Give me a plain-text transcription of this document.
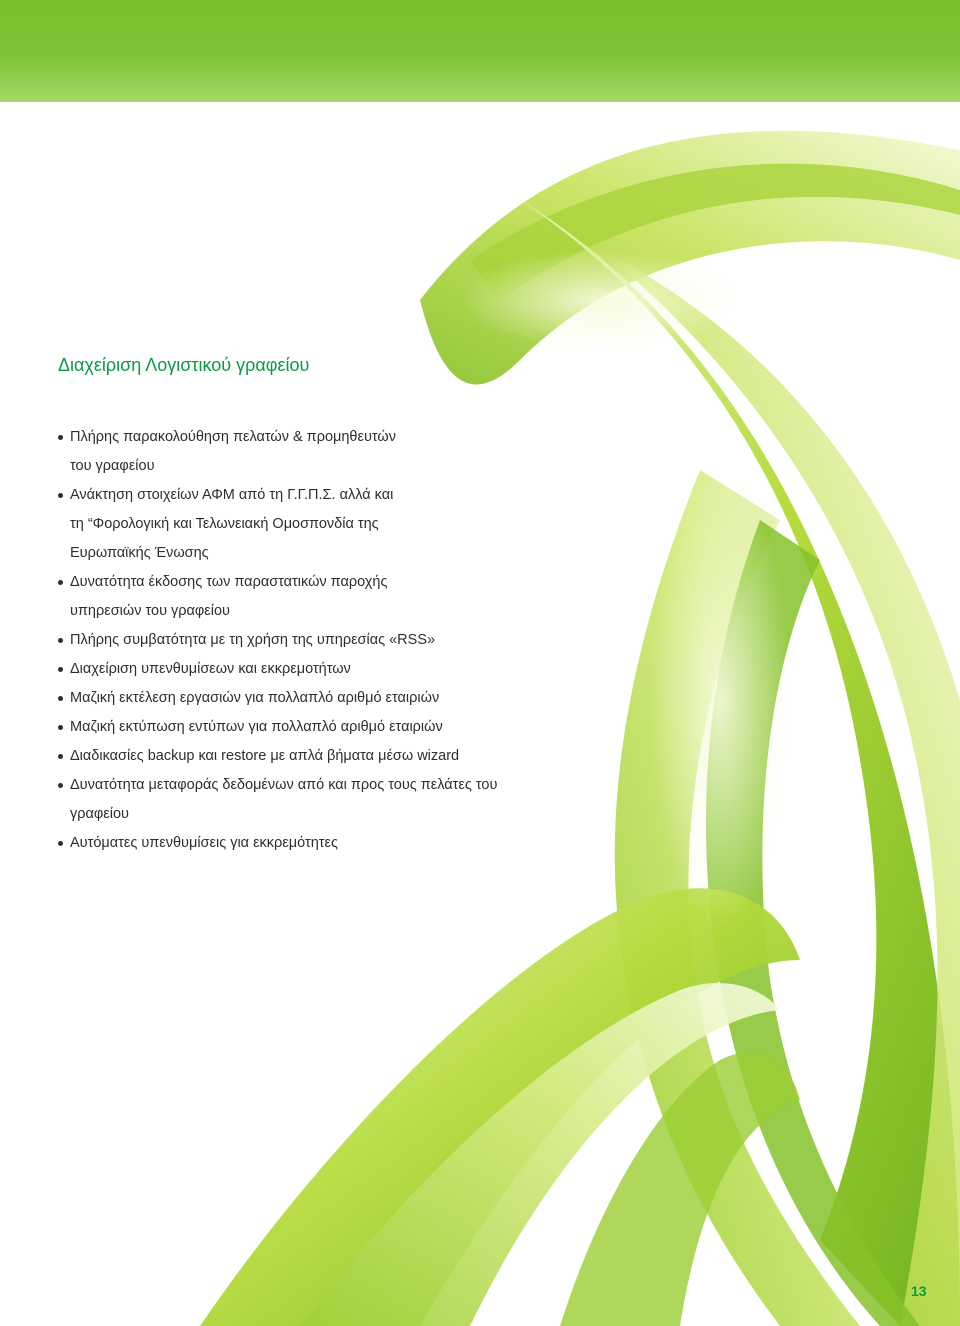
Διαχείριση Λογιστικού γραφείου
Πλήρης παρακολούθηση πελατών & προμηθευτών
του γραφείου
Ανάκτηση στοιχείων ΑΦΜ από τη Γ.Γ.Π.Σ. αλλά και
τη “Φορολογική και Τελωνειακή Ομοσπονδία της
Ευρωπαϊκής Ένωσης
Δυνατότητα έκδοσης των παραστατικών παροχής
υπηρεσιών του γραφείου
Πλήρης συμβατότητα με τη χρήση της υπηρεσίας «RSS»
Διαχείριση υπενθυμίσεων και εκκρεμοτήτων
Μαζική εκτέλεση εργασιών για πολλαπλό αριθμό εταιριών
Μαζική εκτύπωση εντύπων για πολλαπλό αριθμό εταιριών
Διαδικασίες backup και restore με απλά βήματα μέσω wizard
Δυνατότητα μεταφοράς δεδομένων από και προς τους πελάτες του
γραφείου
Αυτόματες υπενθυμίσεις για εκκρεμότητες
13
